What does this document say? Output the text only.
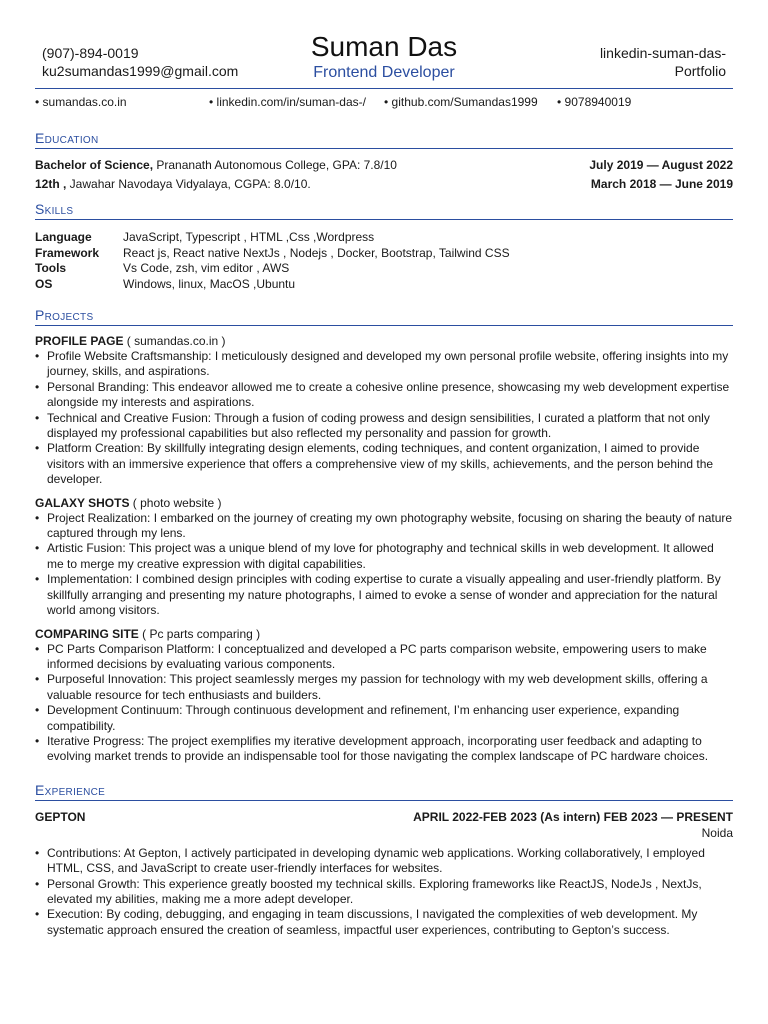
(907)-894-0019
ku2sumandas1999@gmail.com
Suman Das
Frontend Developer
linkedin-suman-das-
Portfolio
• sumandas.co.in	• linkedin.com/in/suman-das-/ • github.com/Sumandas1999 • 9078940019
Education
Bachelor of Science, Prananath Autonomous College, GPA: 7.8/10	July 2019 — August 2022
12th , Jawahar Navodaya Vidyalaya, CGPA: 8.0/10.	March 2018 — June 2019
Skills
Language	JavaScript, Typescript , HTML ,Css ,Wordpress
Framework	React js, React native NextJs , Nodejs , Docker, Bootstrap, Tailwind CSS
Tools	Vs Code, zsh, vim editor , AWS
OS	Windows, linux, MacOS ,Ubuntu
Projects
PROFILE PAGE ( sumandas.co.in )
• Profile Website Craftsmanship: I meticulously designed and developed my own personal profile website, offering insights into my journey, skills, and aspirations.
• Personal Branding: This endeavor allowed me to create a cohesive online presence, showcasing my web development expertise alongside my interests and aspirations.
• Technical and Creative Fusion: Through a fusion of coding prowess and design sensibilities, I curated a platform that not only displayed my professional capabilities but also reflected my personality and passion for growth.
• Platform Creation: By skillfully integrating design elements, coding techniques, and content organization, I aimed to provide visitors with an immersive experience that offers a comprehensive view of my skills, achievements, and the person behind the developer.
GALAXY SHOTS ( photo website )
• Project Realization: I embarked on the journey of creating my own photography website, focusing on sharing the beauty of nature captured through my lens.
• Artistic Fusion: This project was a unique blend of my love for photography and technical skills in web development. It allowed me to merge my creative expression with digital capabilities.
• Implementation: I combined design principles with coding expertise to curate a visually appealing and user-friendly platform. By skillfully arranging and presenting my nature photographs, I aimed to evoke a sense of wonder and appreciation for the natural world among visitors.
COMPARING SITE ( Pc parts comparing )
• PC Parts Comparison Platform: I conceptualized and developed a PC parts comparison website, empowering users to make informed decisions by evaluating various components.
• Purposeful Innovation: This project seamlessly merges my passion for technology with my web development skills, offering a valuable resource for tech enthusiasts and builders.
• Development Continuum: Through continuous development and refinement, I’m enhancing user experience, expanding compatibility.
• Iterative Progress: The project exemplifies my iterative development approach, incorporating user feedback and adapting to evolving market trends to provide an indispensable tool for those navigating the complex landscape of PC hardware choices.
Experience
GEPTON	APRIL 2022-FEB 2023 (As intern) FEB 2023 — PRESENT
Noida
• Contributions: At Gepton, I actively participated in developing dynamic web applications. Working collaboratively, I employed HTML, CSS, and JavaScript to create user-friendly interfaces for websites.
• Personal Growth: This experience greatly boosted my technical skills. Exploring frameworks like ReactJS, NodeJs , NextJs, elevated my abilities, making me a more adept developer.
• Execution: By coding, debugging, and engaging in team discussions, I navigated the complexities of web development. My systematic approach ensured the creation of seamless, impactful user experiences, contributing to Gepton’s success.
